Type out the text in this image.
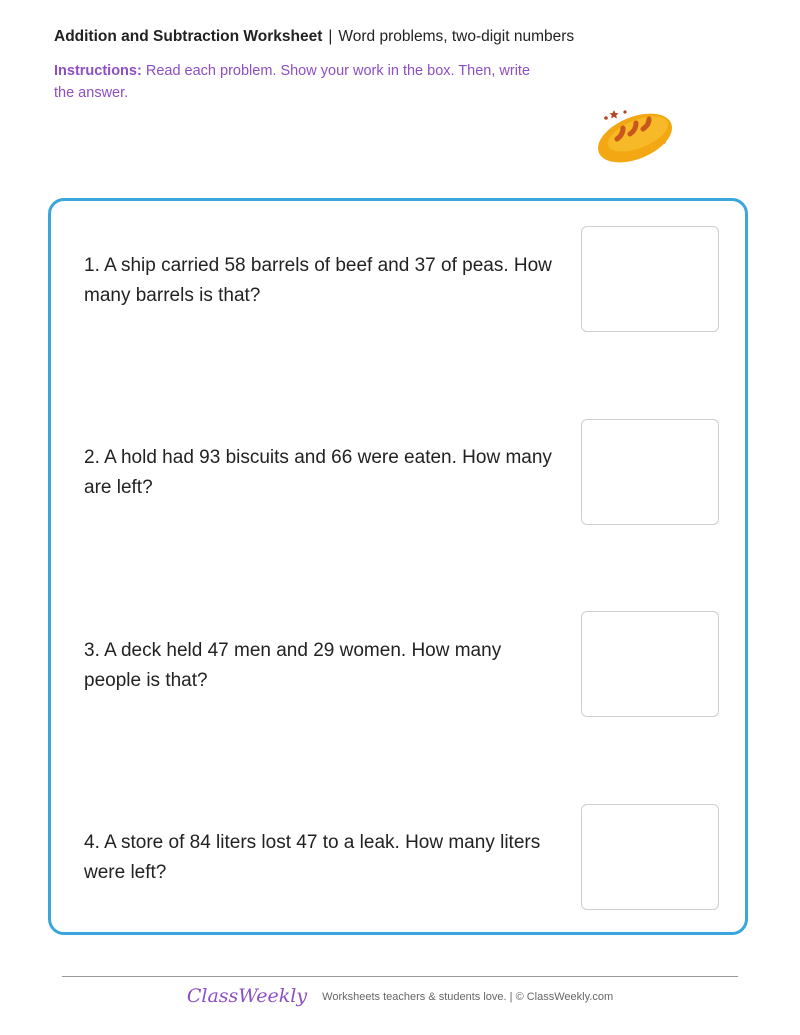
Addition and Subtraction Worksheet | Word problems, two-digit numbers
Instructions: Read each problem. Show your work in the box. Then, write the answer.
1. A ship carried 58 barrels of beef and 37 of peas. How many barrels is that?
2. A hold had 93 biscuits and 66 were eaten. How many are left?
3. A deck held 47 men and 29 women. How many people is that?
4. A store of 84 liters lost 47 to a leak. How many liters were left?
ClassWeekly Worksheets teachers & students love. | © ClassWeekly.com
